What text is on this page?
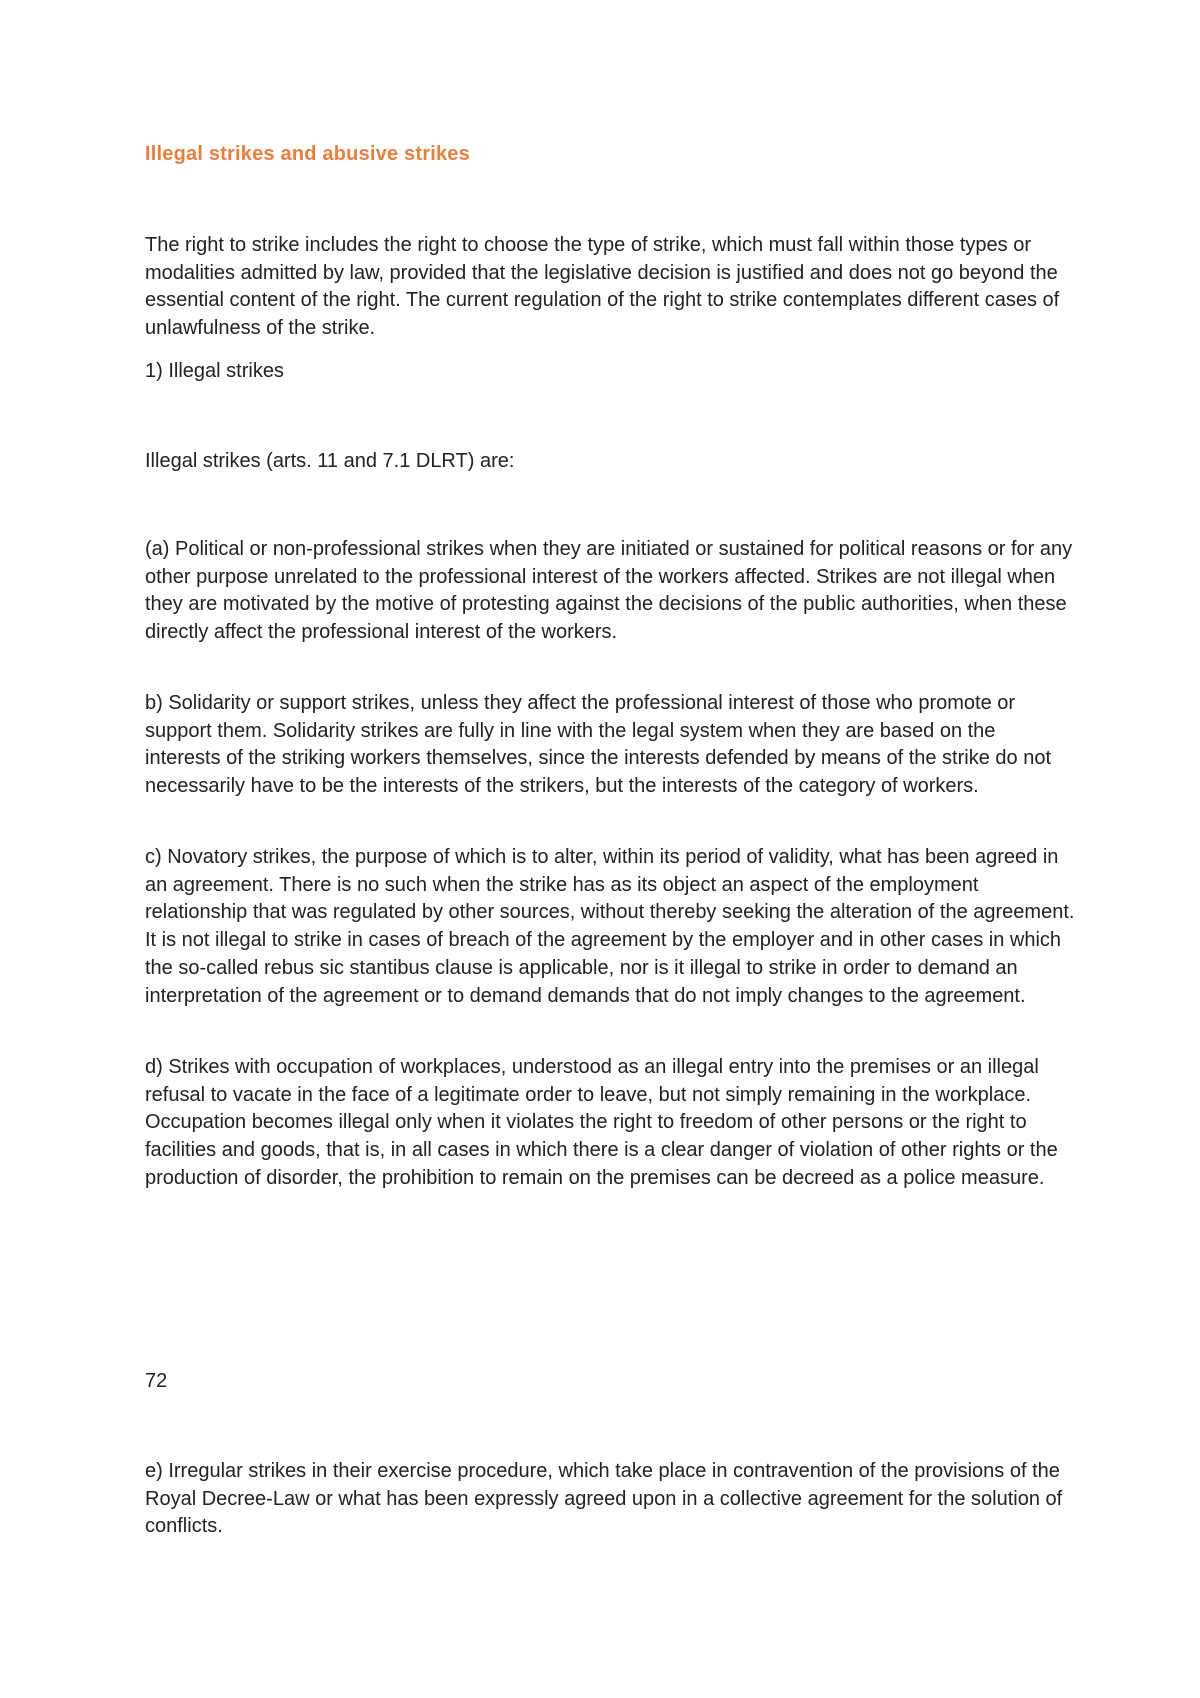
Illegal strikes and abusive strikes

The right to strike includes the right to choose the type of strike, which must fall within those types or modalities admitted by law, provided that the legislative decision is justified and does not go beyond the essential content of the right. The current regulation of the right to strike contemplates different cases of unlawfulness of the strike.

1) Illegal strikes

Illegal strikes (arts. 11 and 7.1 DLRT) are:

(a) Political or non-professional strikes when they are initiated or sustained for political reasons or for any other purpose unrelated to the professional interest of the workers affected. Strikes are not illegal when they are motivated by the motive of protesting against the decisions of the public authorities, when these directly affect the professional interest of the workers.

b) Solidarity or support strikes, unless they affect the professional interest of those who promote or support them. Solidarity strikes are fully in line with the legal system when they are based on the interests of the striking workers themselves, since the interests defended by means of the strike do not necessarily have to be the interests of the strikers, but the interests of the category of workers.

c) Novatory strikes, the purpose of which is to alter, within its period of validity, what has been agreed in an agreement. There is no such when the strike has as its object an aspect of the employment relationship that was regulated by other sources, without thereby seeking the alteration of the agreement. It is not illegal to strike in cases of breach of the agreement by the employer and in other cases in which the so-called rebus sic stantibus clause is applicable, nor is it illegal to strike in order to demand an interpretation of the agreement or to demand demands that do not imply changes to the agreement.

d) Strikes with occupation of workplaces, understood as an illegal entry into the premises or an illegal refusal to vacate in the face of a legitimate order to leave, but not simply remaining in the workplace. Occupation becomes illegal only when it violates the right to freedom of other persons or the right to facilities and goods, that is, in all cases in which there is a clear danger of violation of other rights or the production of disorder, the prohibition to remain on the premises can be decreed as a police measure.

72

e) Irregular strikes in their exercise procedure, which take place in contravention of the provisions of the Royal Decree-Law or what has been expressly agreed upon in a collective agreement for the solution of conflicts.
